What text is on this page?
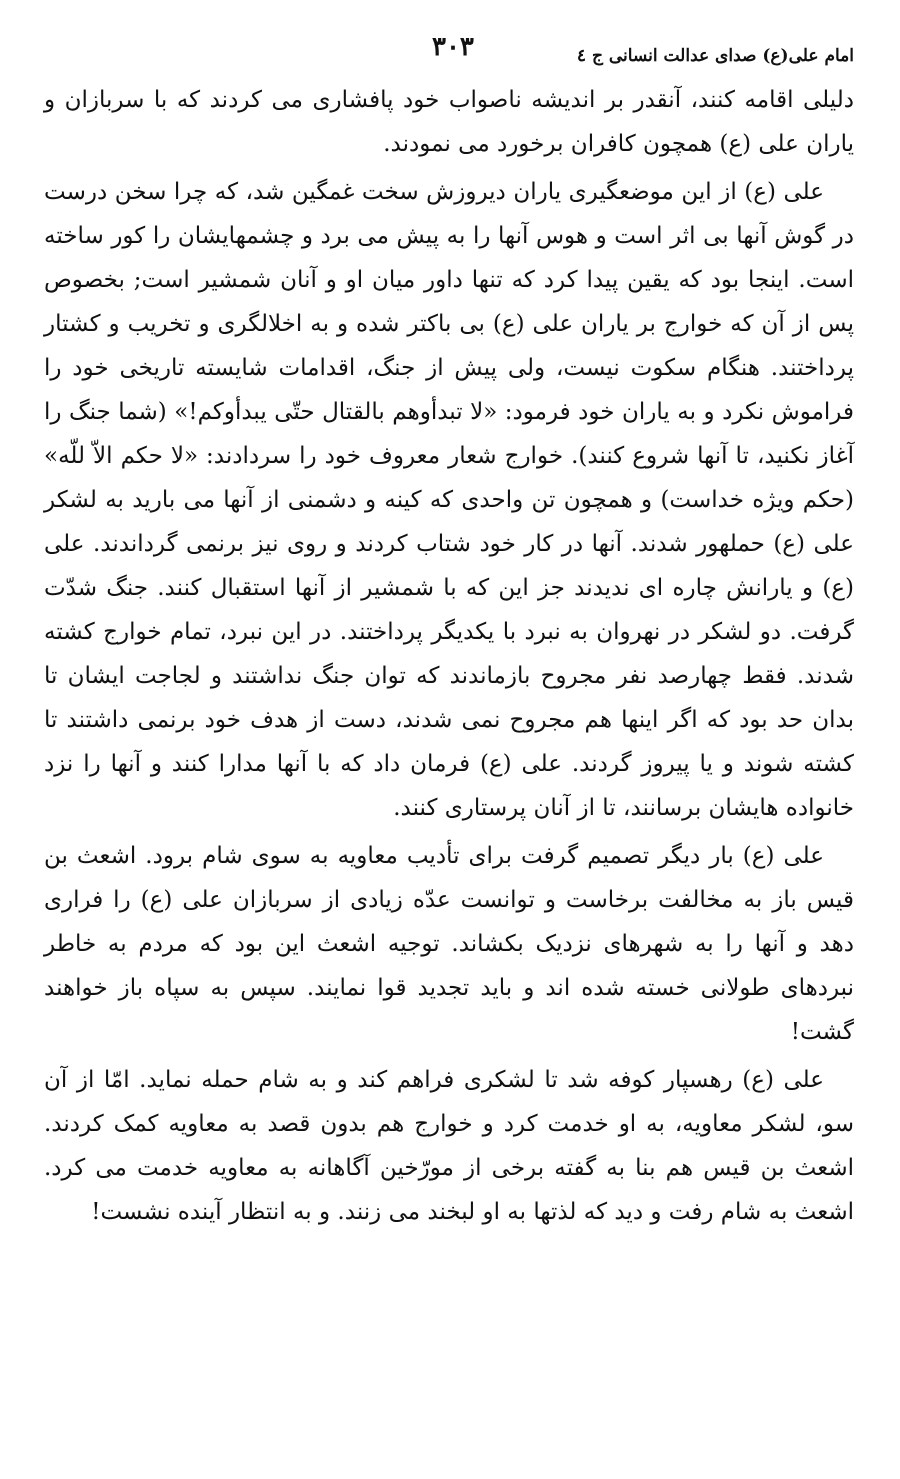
امام علی(ع) صدای عدالت انسانی ج ٤
٣٠٣

دلیلی اقامه کنند، آنقدر بر اندیشه ناصواب خود پافشاری می کردند که با سربازان و یاران علی (ع) همچون کافران برخورد می نمودند.

علی (ع) از این موضعگیری یاران دیروزش سخت غمگین شد، که چرا سخن درست در گوش آنها بی اثر است و هوس آنها را به پیش می برد و چشمهایشان را کور ساخته است. اینجا بود که یقین پیدا کرد که تنها داور میان او و آنان شمشیر است; بخصوص پس از آن که خوارج بر یاران علی (ع) بی باکتر شده و به اخلالگری و تخریب و کشتار پرداختند. هنگام سکوت نیست، ولی پیش از جنگ، اقدامات شایسته تاریخی خود را فراموش نکرد و به یاران خود فرمود: «لا تبدأوهم بالقتال حتّی یبدأوکم!» (شما جنگ را آغاز نکنید، تا آنها شروع کنند). خوارج شعار معروف خود را سردادند: «لا حکم الاّ للّه» (حکم ویژه خداست) و همچون تن واحدی که کینه و دشمنی از آنها می بارید به لشکر علی (ع) حملهور شدند. آنها در کار خود شتاب کردند و روی نیز برنمی گرداندند. علی (ع) و یارانش چاره ای ندیدند جز این که با شمشیر از آنها استقبال کنند. جنگ شدّت گرفت. دو لشکر در نهروان به نبرد با یکدیگر پرداختند. در این نبرد، تمام خوارج کشته شدند. فقط چهارصد نفر مجروح بازماندند که توان جنگ نداشتند و لجاجت ایشان تا بدان حد بود که اگر اینها هم مجروح نمی شدند، دست از هدف خود برنمی داشتند تا کشته شوند و یا پیروز گردند. علی (ع) فرمان داد که با آنها مدارا کنند و آنها را نزد خانواده هایشان برسانند، تا از آنان پرستاری کنند.

علی (ع) بار دیگر تصمیم گرفت برای تأدیب معاویه به سوی شام برود. اشعث بن قیس باز به مخالفت برخاست و توانست عدّه زیادی از سربازان علی (ع) را فراری دهد و آنها را به شهرهای نزدیک بکشاند. توجیه اشعث این بود که مردم به خاطر نبردهای طولانی خسته شده اند و باید تجدید قوا نمایند. سپس به سپاه باز خواهند گشت!

علی (ع) رهسپار کوفه شد تا لشکری فراهم کند و به شام حمله نماید. امّا از آن سو، لشکر معاویه، به او خدمت کرد و خوارج هم بدون قصد به معاویه کمک کردند. اشعث بن قیس هم بنا به گفته برخی از مورّخین آگاهانه به معاویه خدمت می کرد. اشعث به شام رفت و دید که لذتها به او لبخند می زنند. و به انتظار آینده نشست!
